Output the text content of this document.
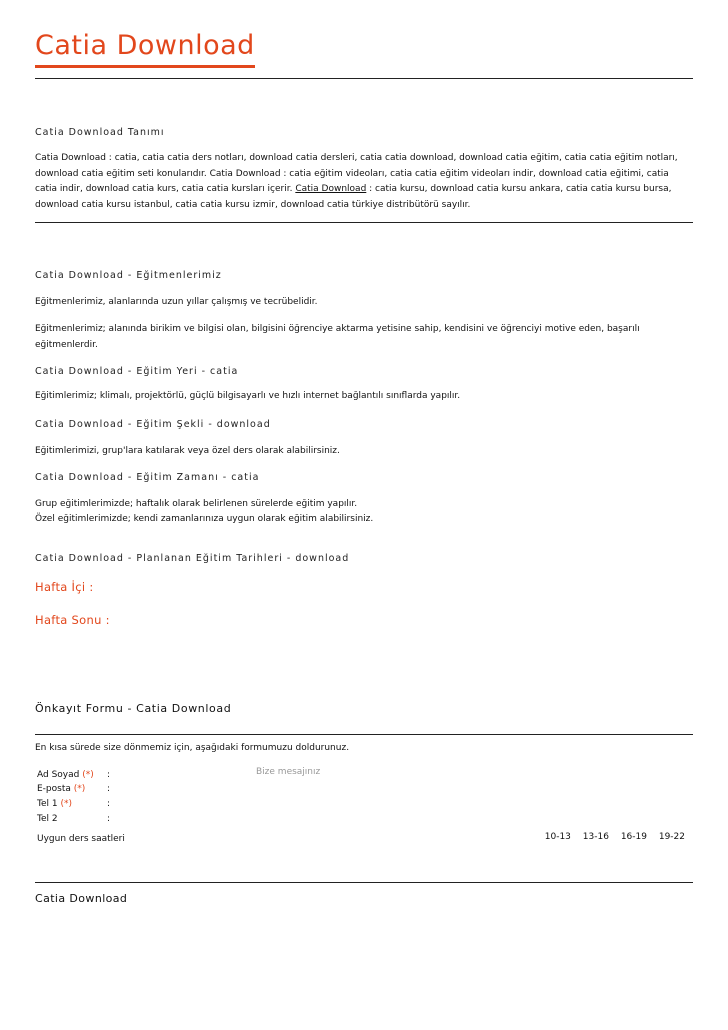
Catia Download
Catia Download Tanımı
Catia Download : catia, catia catia ders notları, download catia dersleri, catia catia download, download catia eğitim, catia catia eğitim notları, download catia eğitim seti konularıdır. Catia Download : catia eğitim videoları, catia catia eğitim videoları indir, download catia eğitimi, catia catia indir, download catia kurs, catia catia kursları içerir. Catia Download : catia kursu, download catia kursu ankara, catia catia kursu bursa, download catia kursu istanbul, catia catia kursu izmir, download catia türkiye distribütörü sayılır.
Catia Download - Eğitmenlerimiz
Eğitmenlerimiz, alanlarında uzun yıllar çalışmış ve tecrübelidir.
Eğitmenlerimiz; alanında birikim ve bilgisi olan, bilgisini öğrenciye aktarma yetisine sahip, kendisini ve öğrenciyi motive eden, başarılı eğitmenlerdir.
Catia Download - Eğitim Yeri - catia
Eğitimlerimiz; klimalı, projektörlü, güçlü bilgisayarlı ve hızlı internet bağlantılı sınıflarda yapılır.
Catia Download - Eğitim Şekli - download
Eğitimlerimizi, grup'lara katılarak veya özel ders olarak alabilirsiniz.
Catia Download - Eğitim Zamanı - catia
Grup eğitimlerimizde; haftalık olarak belirlenen sürelerde eğitim yapılır.
Özel eğitimlerimizde; kendi zamanlarınıza uygun olarak eğitim alabilirsiniz.
Catia Download - Planlanan Eğitim Tarihleri - download
Hafta İçi :
Hafta Sonu :
Önkayıt Formu - Catia Download
En kısa sürede size dönmemiz için, aşağıdaki formumuzu doldurunuz.
Ad Soyad (*) :
E-posta (*) :
Tel 1 (*)	:
Tel 2	:
Bize mesajınız
Uygun ders saatleri	10-13 13-16 16-19 19-22
Catia Download
